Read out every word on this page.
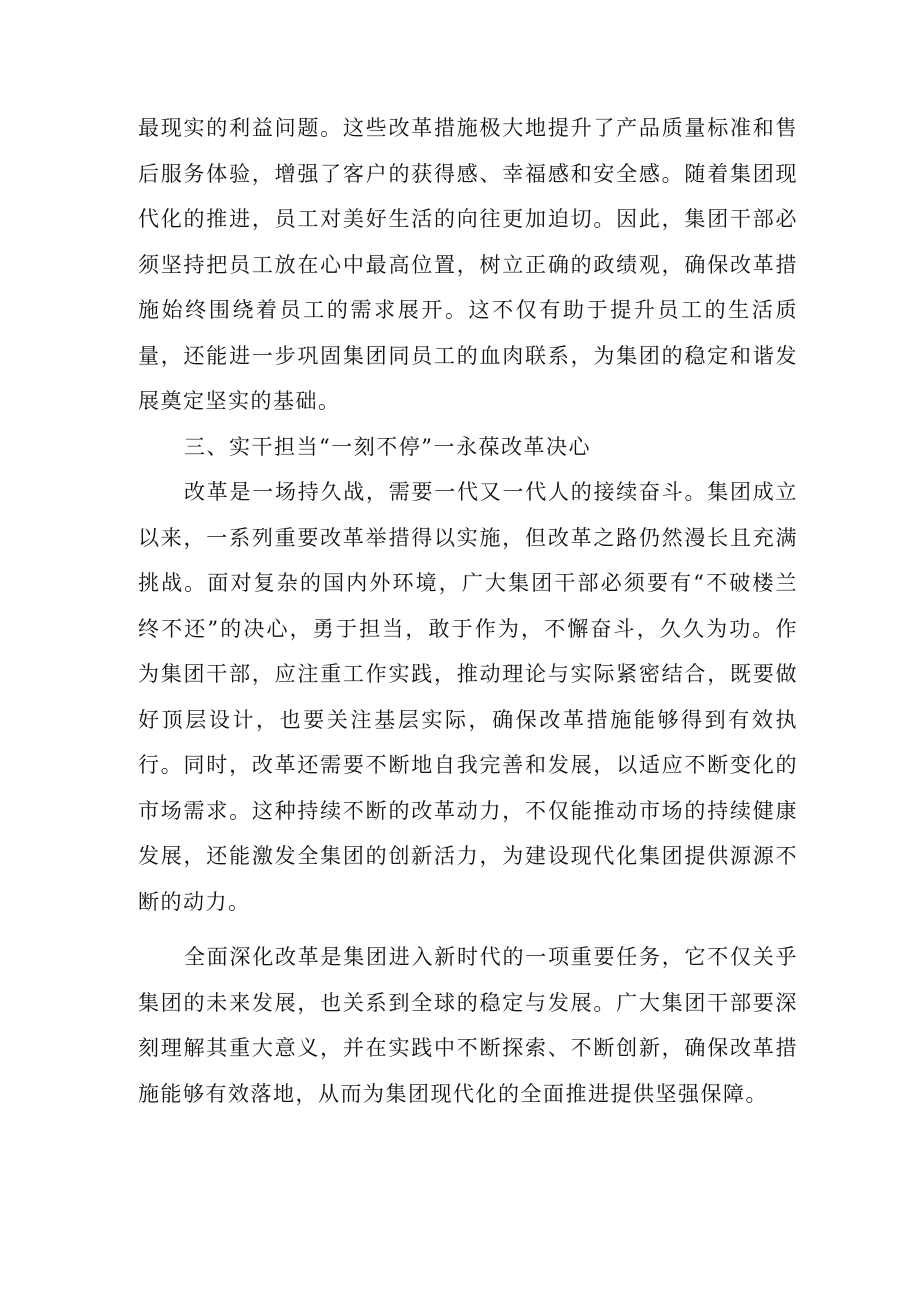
最现实的利益问题。这些改革措施极大地提升了产品质量标准和售后服务体验，增强了客户的获得感、幸福感和安全感。随着集团现代化的推进，员工对美好生活的向往更加迫切。因此，集团干部必须坚持把员工放在心中最高位置，树立正确的政绩观，确保改革措施始终围绕着员工的需求展开。这不仅有助于提升员工的生活质量，还能进一步巩固集团同员工的血肉联系，为集团的稳定和谐发展奠定坚实的基础。

三、实干担当“一刻不停”一永葆改革决心

改革是一场持久战，需要一代又一代人的接续奋斗。集团成立以来，一系列重要改革举措得以实施，但改革之路仍然漫长且充满挑战。面对复杂的国内外环境，广大集团干部必须要有“不破楼兰终不还”的决心，勇于担当，敢于作为，不懈奋斗，久久为功。作为集团干部，应注重工作实践，推动理论与实际紧密结合，既要做好顶层设计，也要关注基层实际，确保改革措施能够得到有效执行。同时，改革还需要不断地自我完善和发展，以适应不断变化的市场需求。这种持续不断的改革动力，不仅能推动市场的持续健康发展，还能激发全集团的创新活力，为建设现代化集团提供源源不断的动力。

全面深化改革是集团进入新时代的一项重要任务，它不仅关乎集团的未来发展，也关系到全球的稳定与发展。广大集团干部要深刻理解其重大意义，并在实践中不断探索、不断创新，确保改革措施能够有效落地，从而为集团现代化的全面推进提供坚强保障。
